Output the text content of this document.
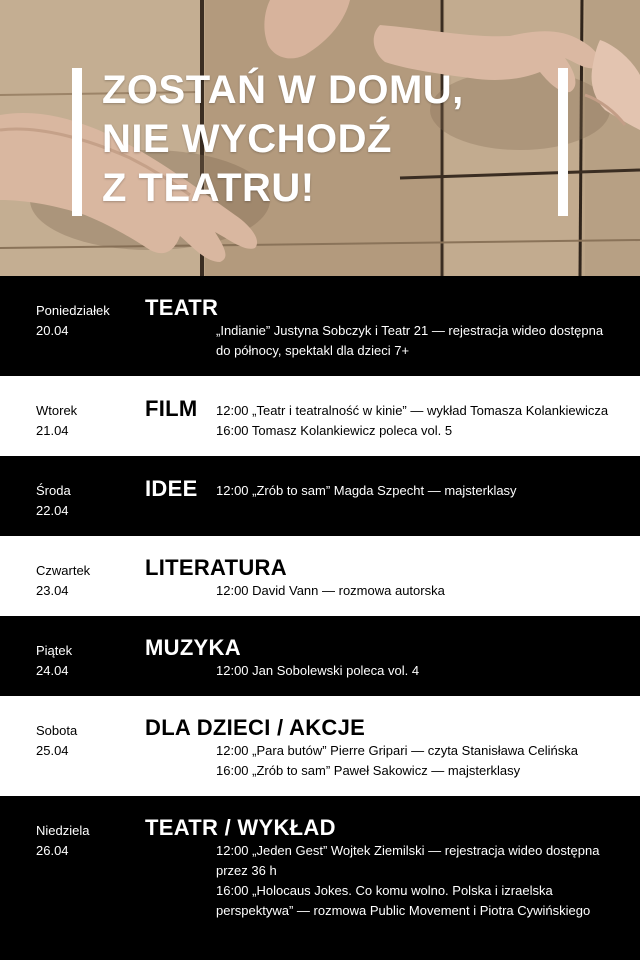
ZOSTAŃ W DOMU,
NIE WYCHODŹ
Z TEATRU!
Poniedziałek
20.04
TEATR
„Indianie” Justyna Sobczyk i Teatr 21 — rejestracja wideo dostępna
do północy, spektakl dla dzieci 7+
Wtorek
21.04
FILM 12:00 „Teatr i teatralność w kinie” — wykład Tomasza Kolankiewicza
16:00 Tomasz Kolankiewicz poleca vol. 5
Środa
22.04
IDEE 12:00 „Zrób to sam” Magda Szpecht — majsterklasy
Czwartek
23.04
LITERATURA
12:00 David Vann — rozmowa autorska
Piątek
24.04
MUZYKA
12:00 Jan Sobolewski poleca vol. 4
Sobota
25.04
DLA DZIECI / AKCJE
12:00 „Para butów” Pierre Gripari — czyta Stanisława Celińska
16:00 „Zrób to sam” Paweł Sakowicz — majsterklasy
Niedziela
26.04
TEATR / WYKŁAD
12:00 „Jeden Gest” Wojtek Ziemilski — rejestracja wideo dostępna
przez 36 h
16:00 „Holocaus Jokes. Co komu wolno. Polska i izraelska
perspektywa” — rozmowa Public Movement i Piotra Cywińskiego
